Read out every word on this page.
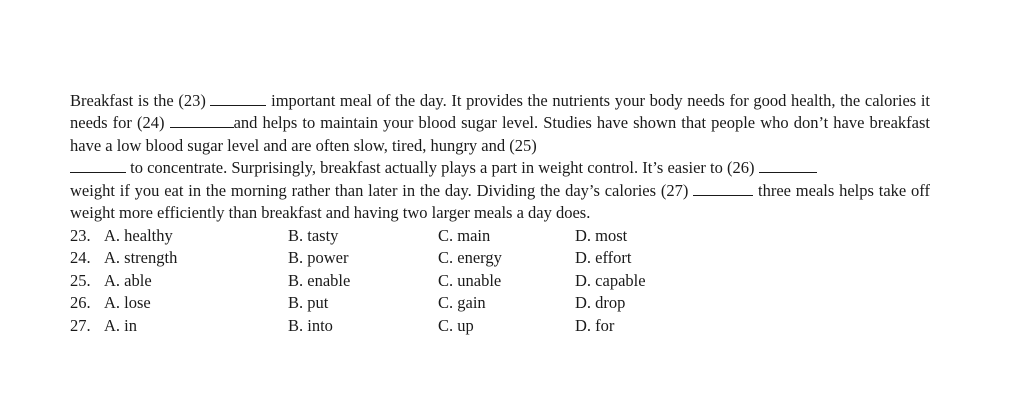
Breakfast is the (23)	important meal of the day. It provides the nutrients your body needs for good health, the calories it needs for (24)	and helps to maintain your blood sugar level. Studies have shown that people who don’t have breakfast have a low blood sugar level and are often slow, tired, hungry and (25)
to concentrate. Surprisingly, breakfast actually plays a part in weight control. It’s easier to (26)
weight if you eat in the morning rather than later in the day. Dividing the day’s calories (27)	three meals helps take off weight more efficiently than breakfast and having two larger meals a day does.
23. A. healthy	B. tasty	C. main	D. most
24. A. strength	B. power	C. energy	D. effort
25. A. able	B. enable	C. unable	D. capable
26. A. lose	B. put	C. gain	D. drop
27. A. in	B. into	C. up	D. for
